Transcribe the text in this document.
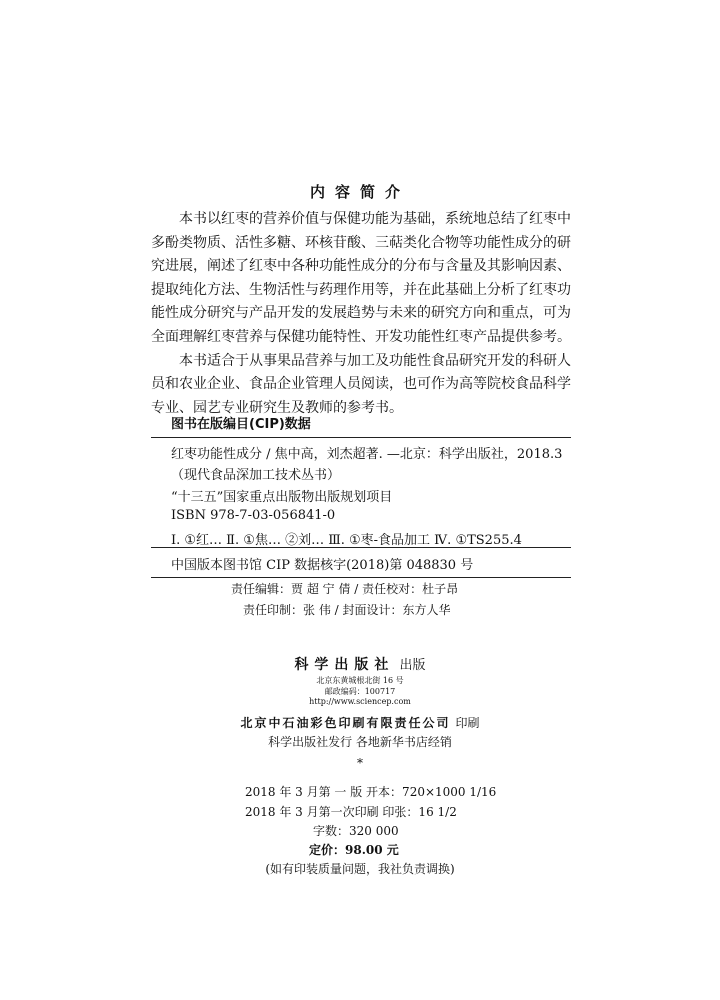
内容简介

本书以红枣的营养价值与保健功能为基础，系统地总结了红枣中多酚类物质、活性多糖、环核苷酸、三萜类化合物等功能性成分的研究进展，阐述了红枣中各种功能性成分的分布与含量及其影响因素、提取纯化方法、生物活性与药理作用等，并在此基础上分析了红枣功能性成分研究与产品开发的发展趋势与未来的研究方向和重点，可为全面理解红枣营养与保健功能特性、开发功能性红枣产品提供参考。

本书适合于从事果品营养与加工及功能性食品研究开发的科研人员和农业企业、食品企业管理人员阅读，也可作为高等院校食品科学专业、园艺专业研究生及教师的参考书。

图书在版编目(CIP)数据
红枣功能性成分 / 焦中高，刘杰超著. —北京：科学出版社，2018.3
（现代食品深加工技术丛书）
“十三五”国家重点出版物出版规划项目
ISBN 978-7-03-056841-0
Ⅰ. ①红… Ⅱ. ①焦… ②刘… Ⅲ. ①枣-食品加工 Ⅳ. ①TS255.4
中国版本图书馆 CIP 数据核字(2018)第 048830 号
责任编辑：贾 超 宁 倩 / 责任校对：杜子昂
责任印制：张 伟 / 封面设计：东方人华
科学出版社 出版
北京东黄城根北街 16 号
邮政编码：100717
http://www.sciencep.com
北京中石油彩色印刷有限责任公司 印刷
科学出版社发行 各地新华书店经销
*
2018 年 3 月第 一 版 开本：720×1000 1/16
2018 年 3 月第一次印刷 印张：16 1/2
字数：320 000
定价：98.00 元
(如有印装质量问题，我社负责调换)
